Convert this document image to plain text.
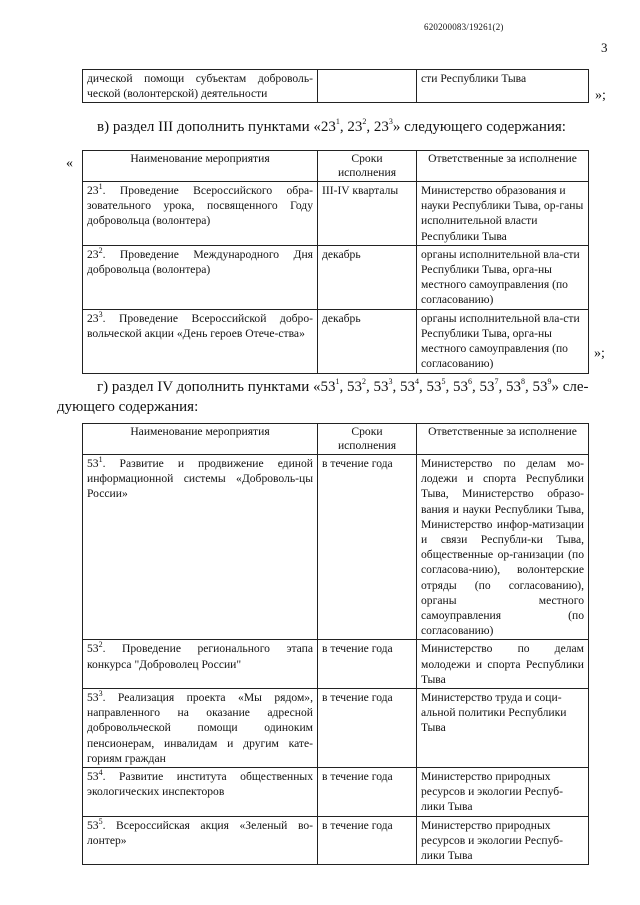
620200083/19261(2)
3
дической помощи субъектам доброволь-ческой (волонтерской) деятельности		сти Республики Тыва
»;
в) раздел III дополнить пунктами «$23^1$, $23^2$, $23^3$» следующего содержания:
«	Наименование мероприятия	Сроки исполнения	Ответственные за исполнение
$23^1$. Проведение Всероссийского обра-зовательного урока, посвященного Году добровольца (волонтера)	III-IV кварталы	Министерство образования и науки Республики Тыва, ор-ганы исполнительной власти Республики Тыва
$23^2$. Проведение Международного Дня добровольца (волонтера)	декабрь	органы исполнительной вла-сти Республики Тыва, орга-ны местного самоуправления (по согласованию)
$23^3$. Проведение Всероссийской добро-вольческой акции «День героев Отече-ства»	декабрь	органы исполнительной вла-сти Республики Тыва, орга-ны местного самоуправления (по согласованию)
»;
г) раздел IV дополнить пунктами «$53^1$, $53^2$, $53^3$, $53^4$, $53^5$, $53^6$, $53^7$, $53^8$, $53^9$» сле-
дующего содержания:
Наименование мероприятия	Сроки исполнения	Ответственные за исполнение
$53^1$. Развитие и продвижение единой информационной системы «Доброволь-цы России»	в течение года	Министерство по делам мо-лодежи и спорта Республики Тыва, Министерство образо-вания и науки Республики Тыва, Министерство инфор-матизации и связи Республи-ки Тыва, общественные ор-ганизации (по согласова-нию), волонтерские отряды (по согласованию), органы местного самоуправления (по согласованию)
$53^2$. Проведение регионального этапа конкурса "Доброволец России"	в течение года	Министерство по делам молодежи и спорта Республики Тыва
$53^3$. Реализация проекта «Мы рядом», направленного на оказание адресной добровольческой помощи одиноким пенсионерам, инвалидам и другим кате-гориям граждан	в течение года	Министерство труда и соци-альной политики Республики Тыва
$53^4$. Развитие института общественных экологических инспекторов	в течение года	Министерство природных ресурсов и экологии Респуб-лики Тыва
$53^5$. Всероссийская акция «Зеленый во-лонтер»	в течение года	Министерство природных ресурсов и экологии Респуб-лики Тыва
